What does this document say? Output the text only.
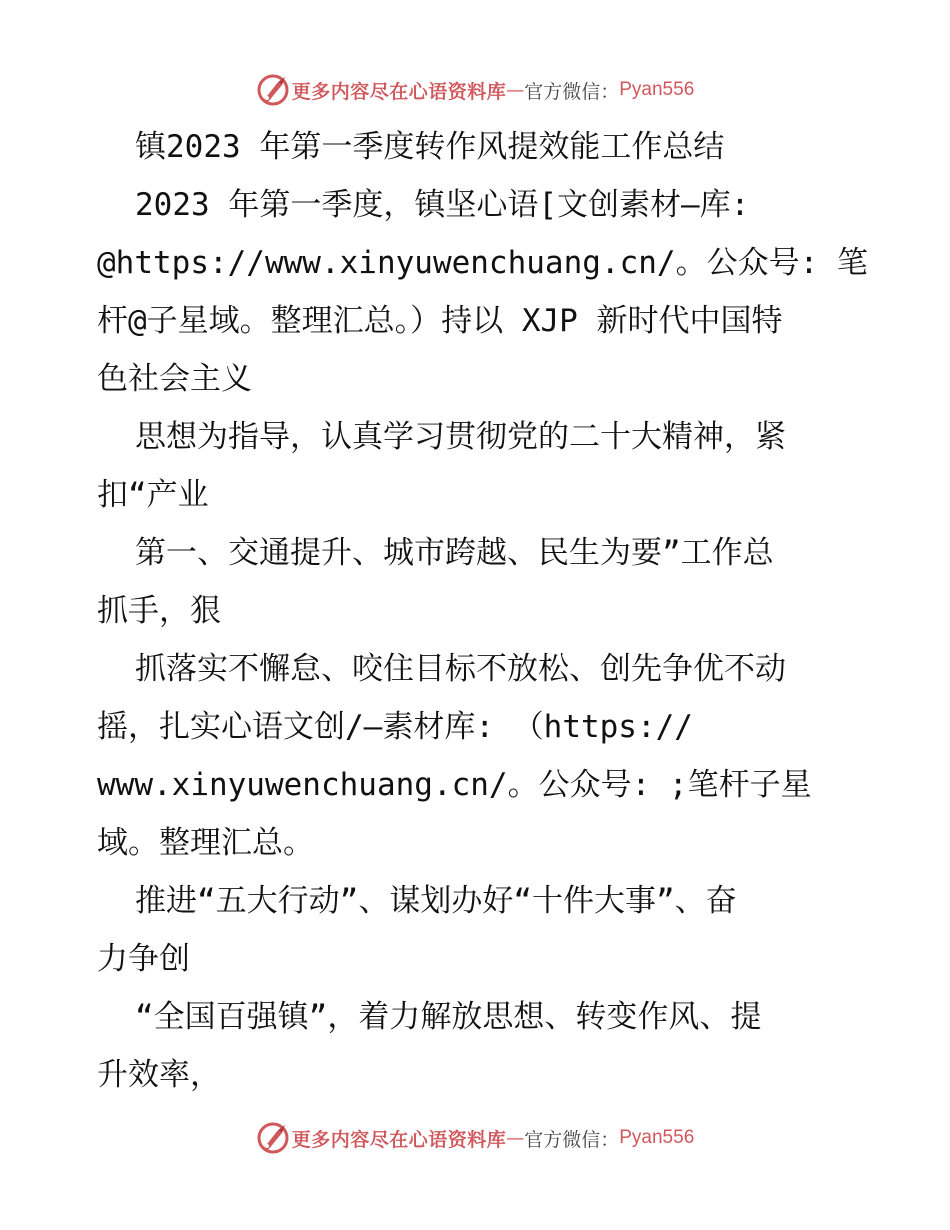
更多内容尽在心语资料库 — 官方微信： Pyan556
镇2023 年第一季度转作风提效能工作总结
2023 年第一季度，镇坚心语[文创素材—库:
@https://www.xinyuwenchuang.cn/。公众号: 笔
杆@子星域。整理汇总。）持以 XJP 新时代中国特
色社会主义
思想为指导，认真学习贯彻党的二十大精神，紧
扣“产业
第一、交通提升、城市跨越、民生为要”工作总
抓手，狠
抓落实不懈怠、咬住目标不放松、创先争优不动
摇，扎实心语文创/—素材库: （https://
www.xinyuwenchuang.cn/。公众号: ;笔杆子星
域。整理汇总。
推进“五大行动”、谋划办好“十件大事”、奋
力争创
“全国百强镇”，着力解放思想、转变作风、提
升效率，
更多内容尽在心语资料库 — 官方微信： Pyan556
